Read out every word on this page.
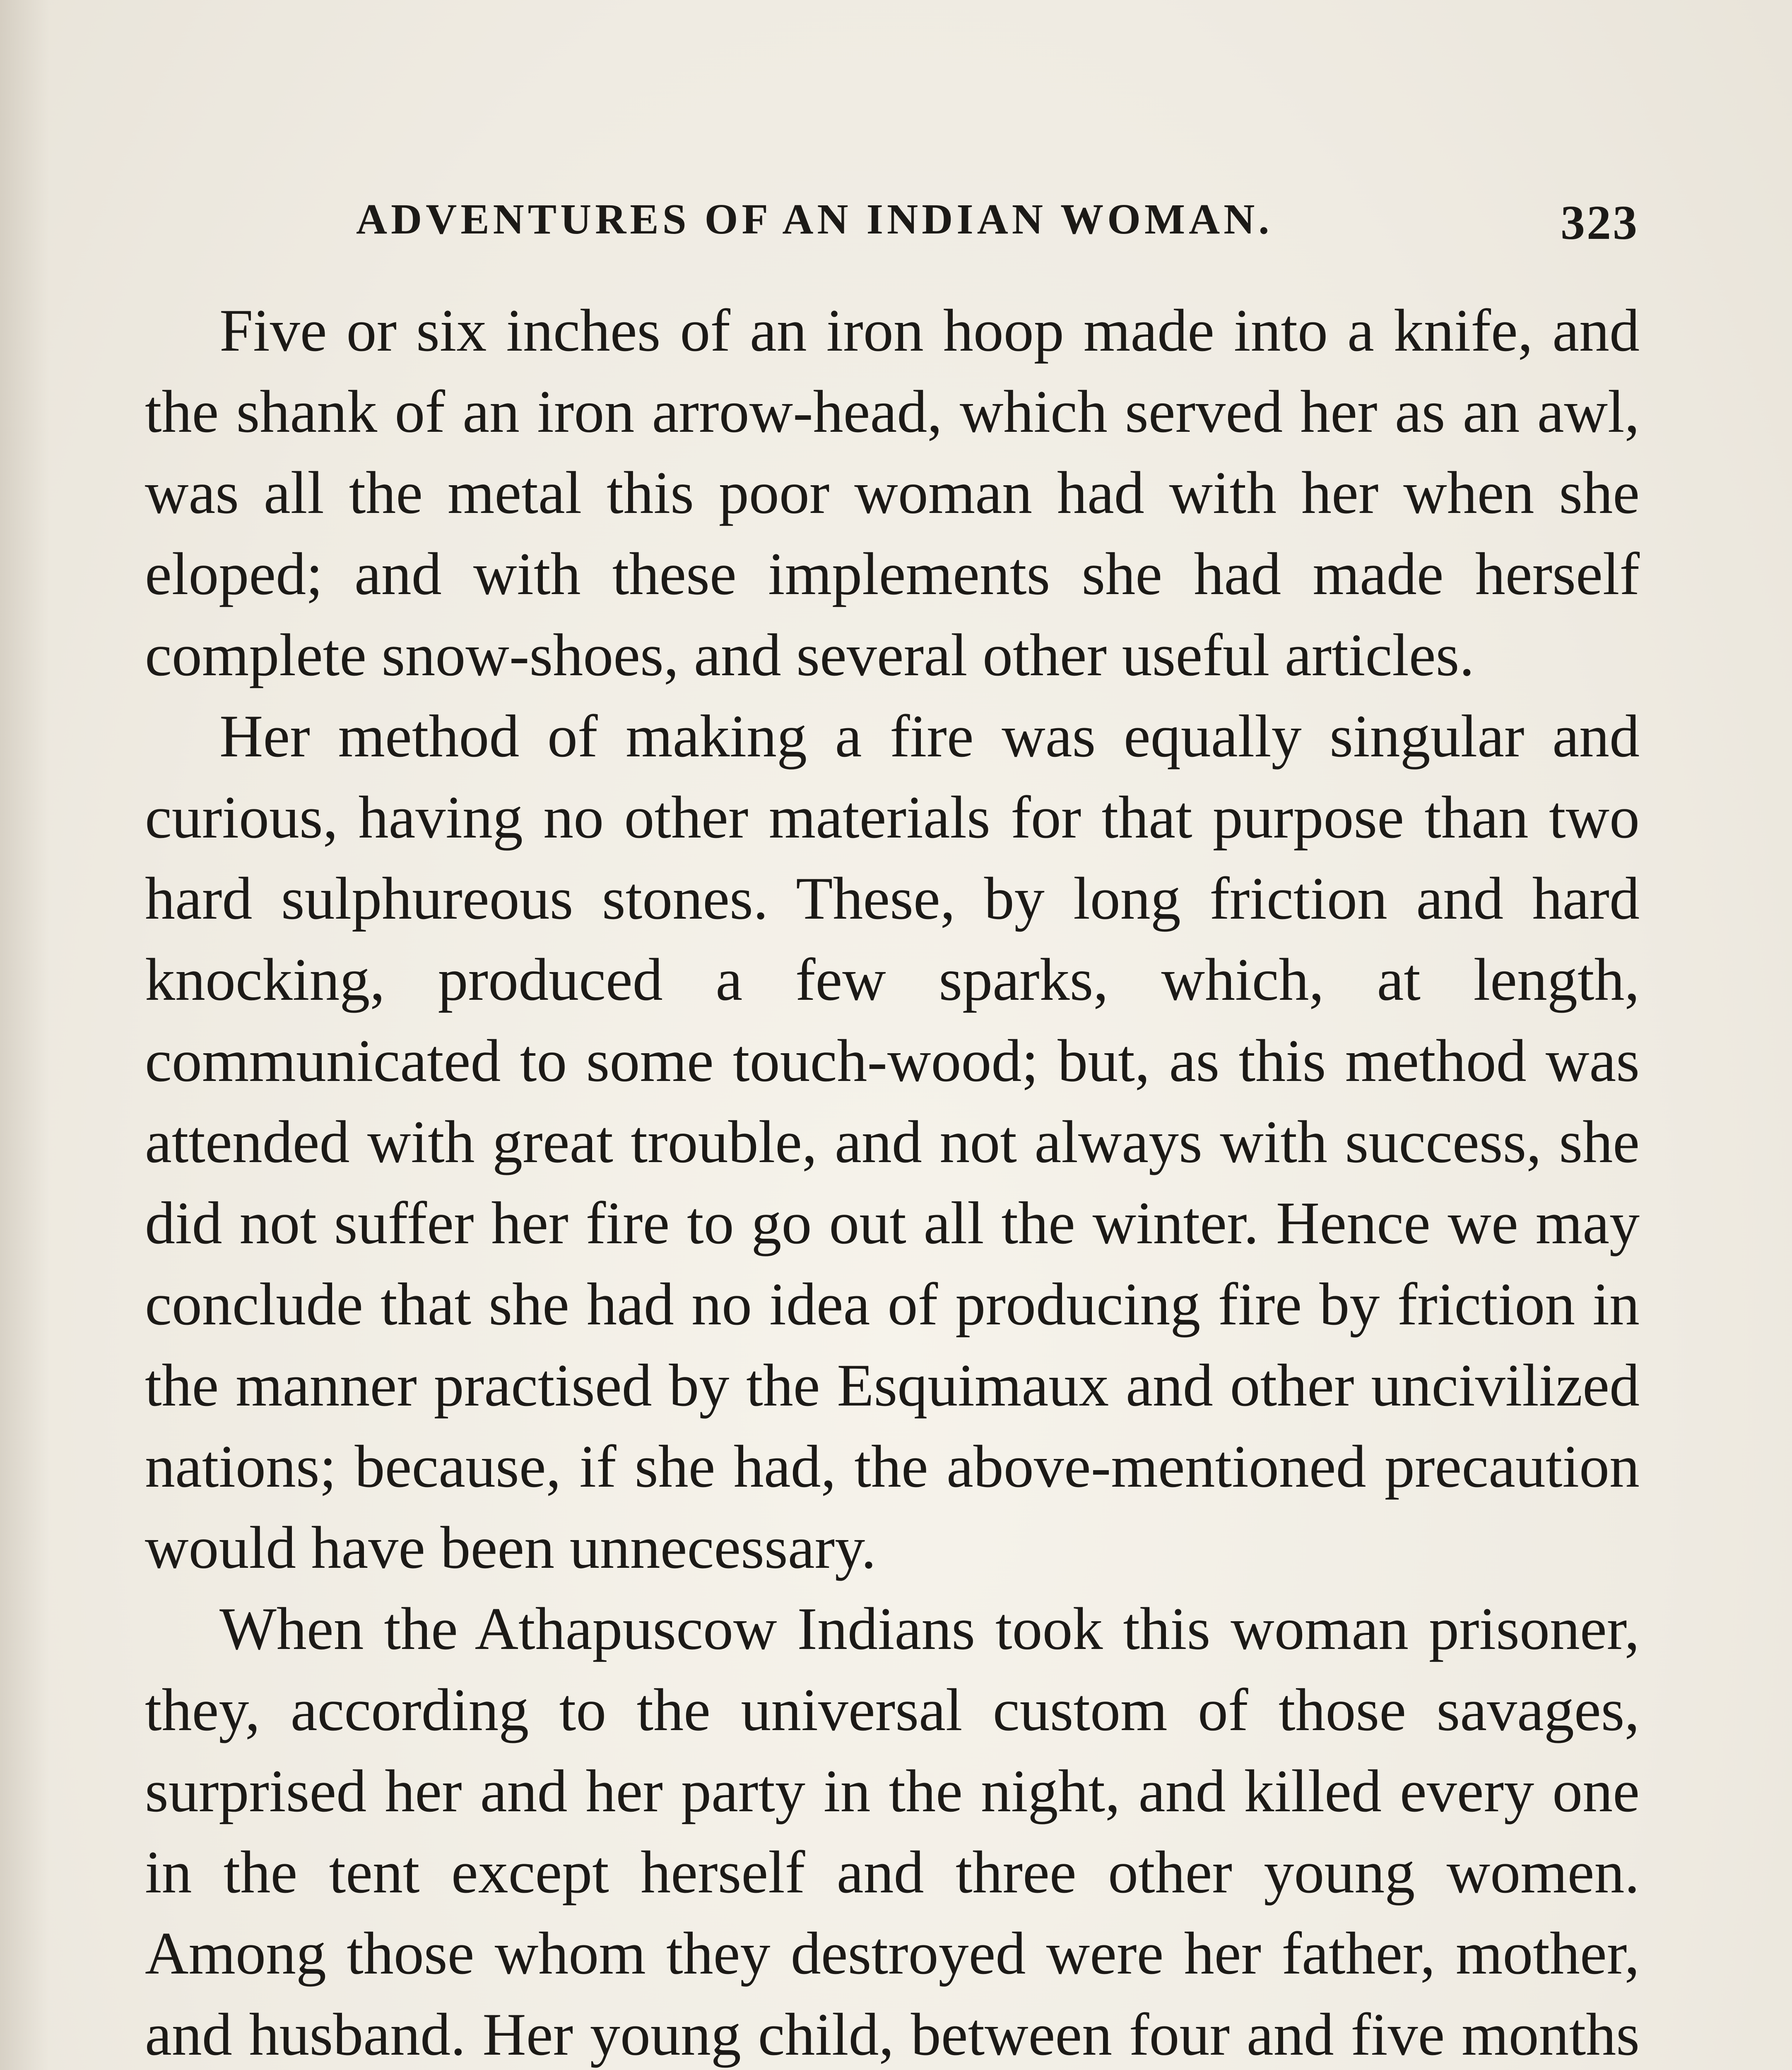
ADVENTURES OF AN INDIAN WOMAN.	323

Five or six inches of an iron hoop made into a knife, and the shank of an iron arrow-head, which served her as an awl, was all the metal this poor woman had with her when she eloped; and with these implements she had made herself complete snow-shoes, and several other useful articles.

Her method of making a fire was equally singular and curious, having no other materials for that purpose than two hard sulphureous stones. These, by long friction and hard knocking, produced a few sparks, which, at length, communicated to some touch-wood; but, as this method was attended with great trouble, and not always with success, she did not suffer her fire to go out all the winter. Hence we may conclude that she had no idea of producing fire by friction in the manner practised by the Esquimaux and other uncivilized nations; because, if she had, the above-mentioned precaution would have been unnecessary.

When the Athapuscow Indians took this woman prisoner, they, according to the universal custom of those savages, surprised her and her party in the night, and killed every one in the tent except herself and three other young women. Among those whom they destroyed were her father, mother, and husband. Her young child, between four and five months
